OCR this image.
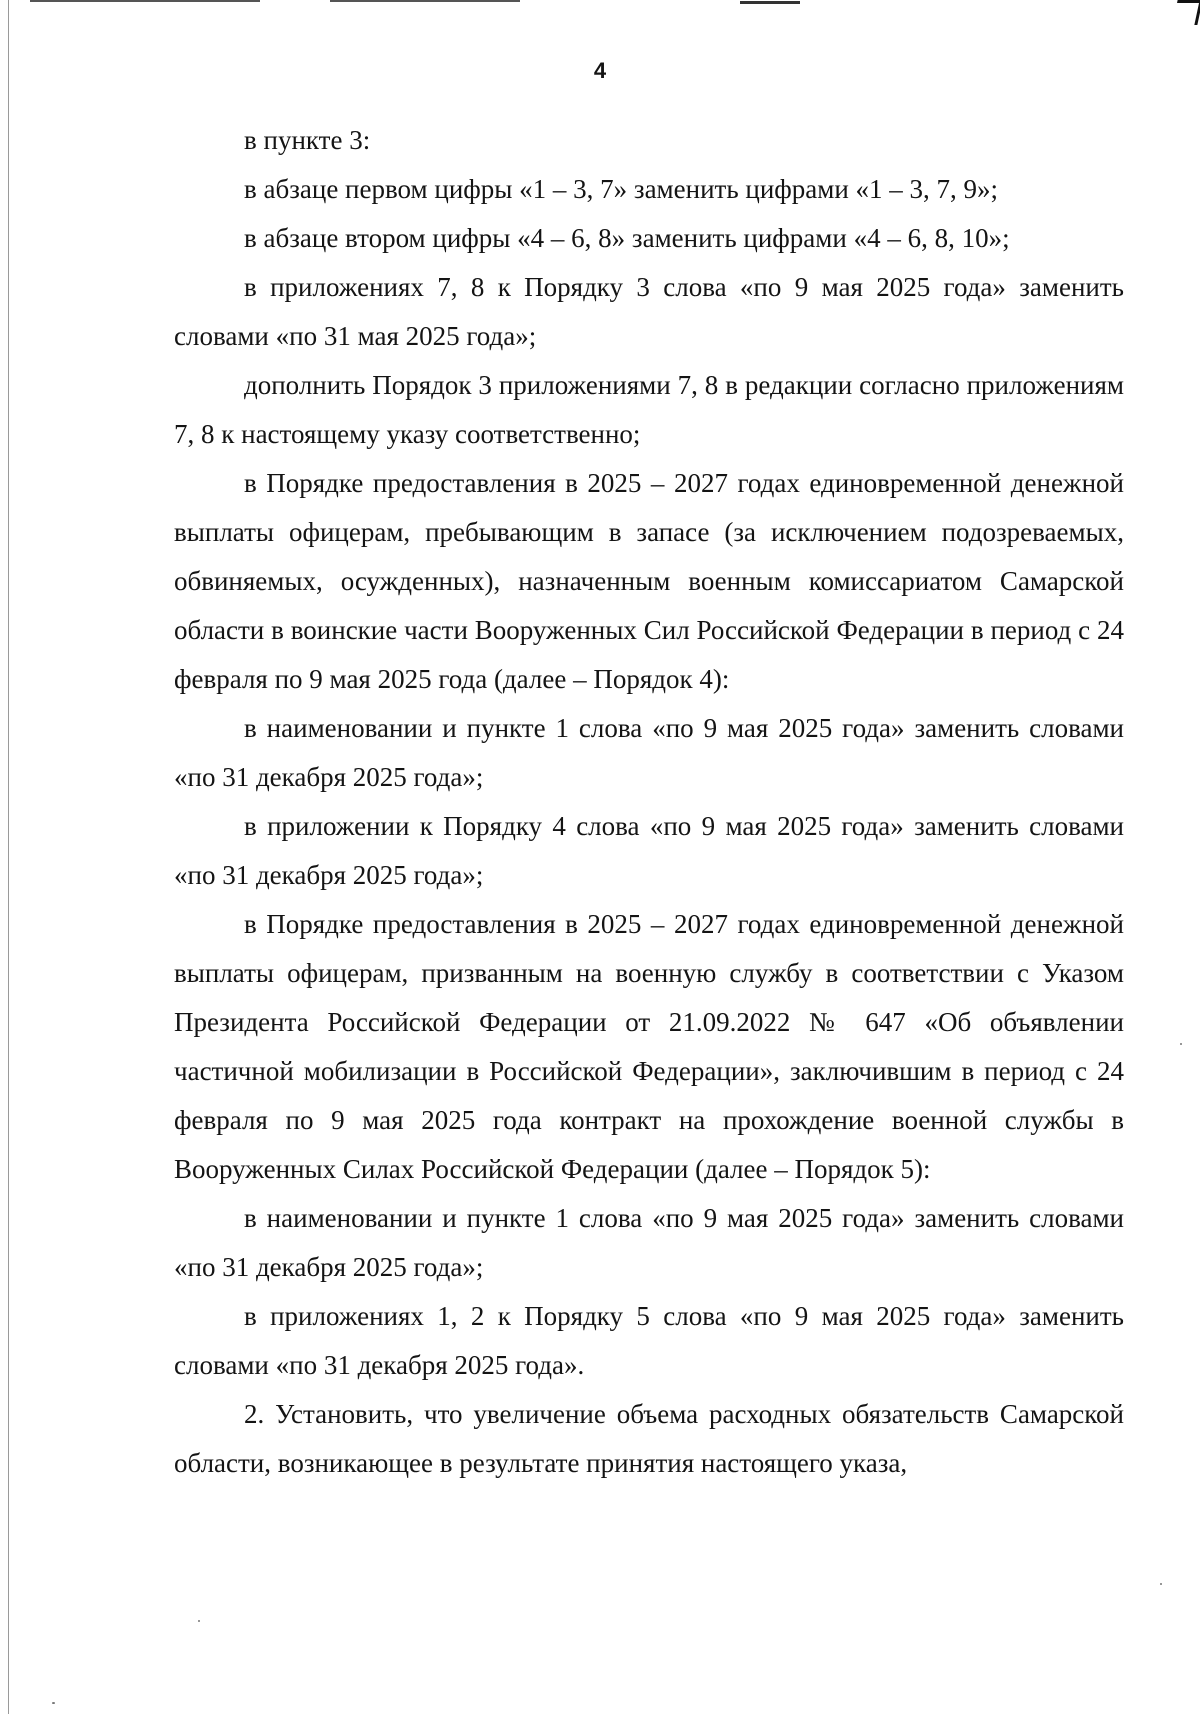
4

в пункте 3:

в абзаце первом цифры «1 – 3, 7» заменить цифрами «1 – 3, 7, 9»;

в абзаце втором цифры «4 – 6, 8» заменить цифрами «4 – 6, 8, 10»;

в приложениях 7, 8 к Порядку 3 слова «по 9 мая 2025 года» заменить словами «по 31 мая 2025 года»;

дополнить Порядок 3 приложениями 7, 8 в редакции согласно приложениям 7, 8 к настоящему указу соответственно;

в Порядке предоставления в 2025 – 2027 годах единовременной денежной выплаты офицерам, пребывающим в запасе (за исключением подозреваемых, обвиняемых, осужденных), назначенным военным комиссариатом Самарской области в воинские части Вооруженных Сил Российской Федерации в период с 24 февраля по 9 мая 2025 года (далее – Порядок 4):

в наименовании и пункте 1 слова «по 9 мая 2025 года» заменить словами «по 31 декабря 2025 года»;

в приложении к Порядку 4 слова «по 9 мая 2025 года» заменить словами «по 31 декабря 2025 года»;

в Порядке предоставления в 2025 – 2027 годах единовременной денежной выплаты офицерам, призванным на военную службу в соответствии с Указом Президента Российской Федерации от 21.09.2022 № 647 «Об объявлении частичной мобилизации в Российской Федерации», заключившим в период с 24 февраля по 9 мая 2025 года контракт на прохождение военной службы в Вооруженных Силах Российской Федерации (далее – Порядок 5):

в наименовании и пункте 1 слова «по 9 мая 2025 года» заменить словами «по 31 декабря 2025 года»;

в приложениях 1, 2 к Порядку 5 слова «по 9 мая 2025 года» заменить словами «по 31 декабря 2025 года».

2. Установить, что увеличение объема расходных обязательств Самарской области, возникающее в результате принятия настоящего указа,
